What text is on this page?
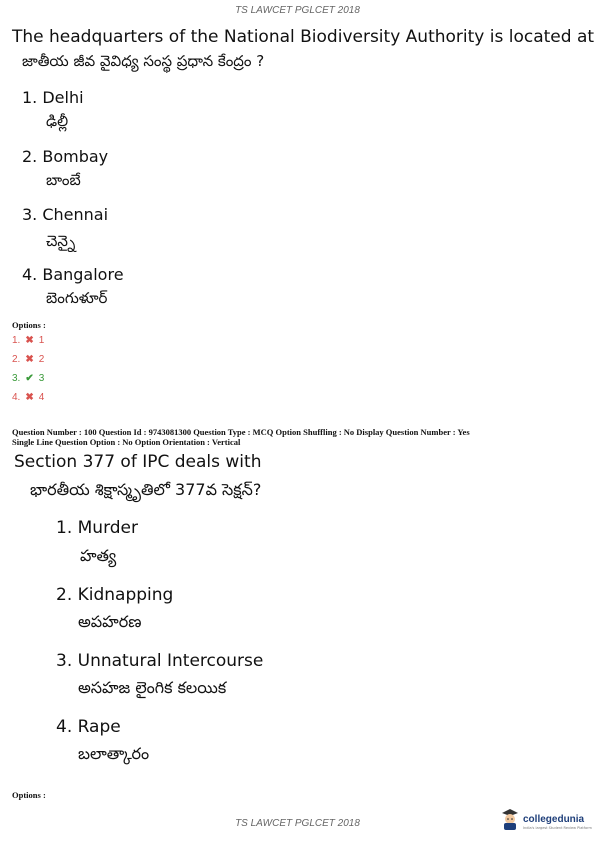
TS LAWCET PGLCET 2018
The headquarters of the National Biodiversity Authority is located at
జాతీయ జీవ వైవిధ్య సంస్థ ప్రధాన కేంద్రం ?
1. Delhi
ఢిల్లీ
2. Bombay
బాంబే
3. Chennai
చెన్నై
4. Bangalore
బెంగుళూర్
Options :
1. ✖ 1
2. ✖ 2
3. ✔ 3
4. ✖ 4
Question Number : 100 Question Id : 9743081300 Question Type : MCQ Option Shuffling : No Display Question Number : Yes
Single Line Question Option : No Option Orientation : Vertical
Section 377 of IPC deals with
భారతీయ శిక్షాస్మృతిలో 377వ సెక్షన్?
1. Murder
హత్య
2. Kidnapping
అపహరణ
3. Unnatural Intercourse
అసహజ లైంగిక కలయిక
4. Rape
బలాత్కారం
Options :
TS LAWCET PGLCET 2018	collegedunia
India's largest Student Review Platform
